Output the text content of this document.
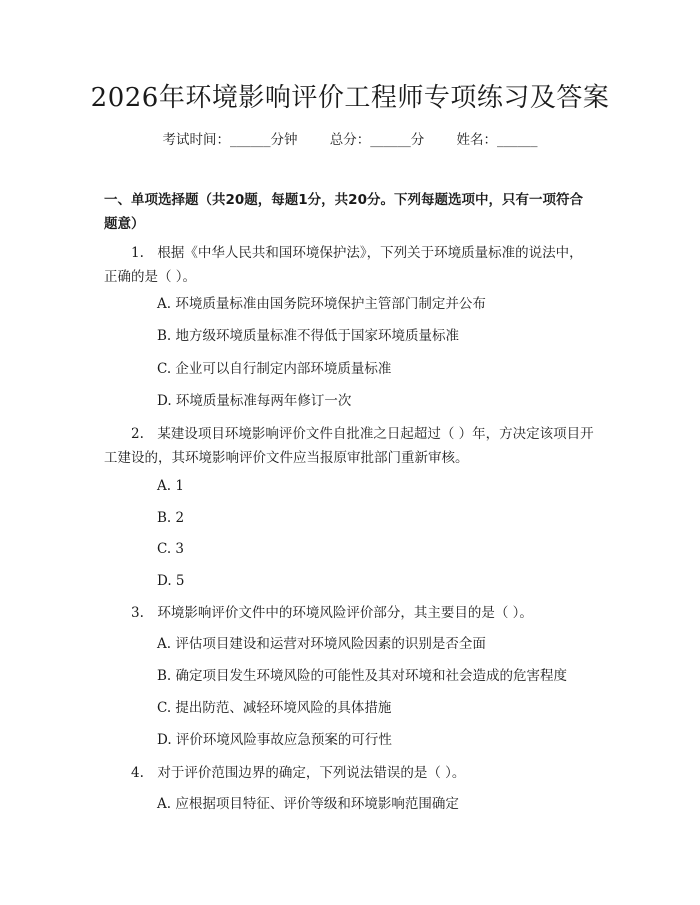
2026年环境影响评价工程师专项练习及答案
考试时间：______分钟 总分：______分 姓名：______
一、单项选择题（共20题，每题1分，共20分。下列每题选项中，只有一项符合题意）
1.　根据《中华人民共和国环境保护法》，下列关于环境质量标准的说法中，正确的是（ ）。
A. 环境质量标准由国务院环境保护主管部门制定并公布
B. 地方级环境质量标准不得低于国家环境质量标准
C. 企业可以自行制定内部环境质量标准
D. 环境质量标准每两年修订一次
2.　某建设项目环境影响评价文件自批准之日起超过（ ）年，方决定该项目开工建设的，其环境影响评价文件应当报原审批部门重新审核。
A. 1
B. 2
C. 3
D. 5
3.　环境影响评价文件中的环境风险评价部分，其主要目的是（ ）。
A. 评估项目建设和运营对环境风险因素的识别是否全面
B. 确定项目发生环境风险的可能性及其对环境和社会造成的危害程度
C. 提出防范、减轻环境风险的具体措施
D. 评价环境风险事故应急预案的可行性
4.　对于评价范围边界的确定，下列说法错误的是（ ）。
A. 应根据项目特征、评价等级和环境影响范围确定
